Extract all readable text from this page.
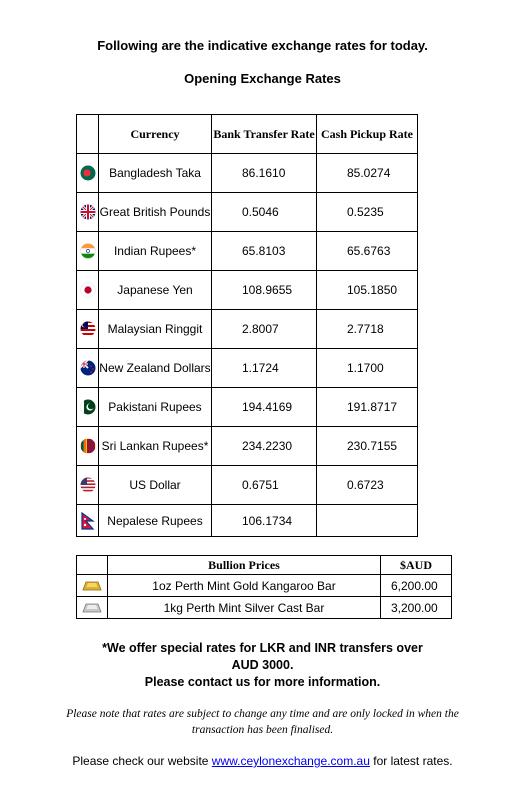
Following are the indicative exchange rates for today.
Opening Exchange Rates
	Currency	Bank Transfer Rate	Cash Pickup Rate

	Bangladesh Taka	86.1610	85.0274

	Great British Pounds	0.5046	0.5235

	Indian Rupees*	65.8103	65.6763

	Japanese Yen	108.9655	105.1850

	Malaysian Ringgit	2.8007	2.7718

	New Zealand Dollars	1.1724	1.1700

	Pakistani Rupees	194.4169	191.8717

	Sri Lankan Rupees*	234.2230	230.7155

	US Dollar	0.6751	0.6723

	Nepalese Rupees	106.1734	
	Bullion Prices	$AUD

	1oz Perth Mint Gold Kangaroo Bar	6,200.00

	1kg Perth Mint Silver Cast Bar	3,200.00
*We offer special rates for LKR and INR transfers over
AUD 3000.
Please contact us for more information.
Please note that rates are subject to change any time and are only locked in when the
transaction has been finalised.
Please check our website www.ceylonexchange.com.au for latest rates.
